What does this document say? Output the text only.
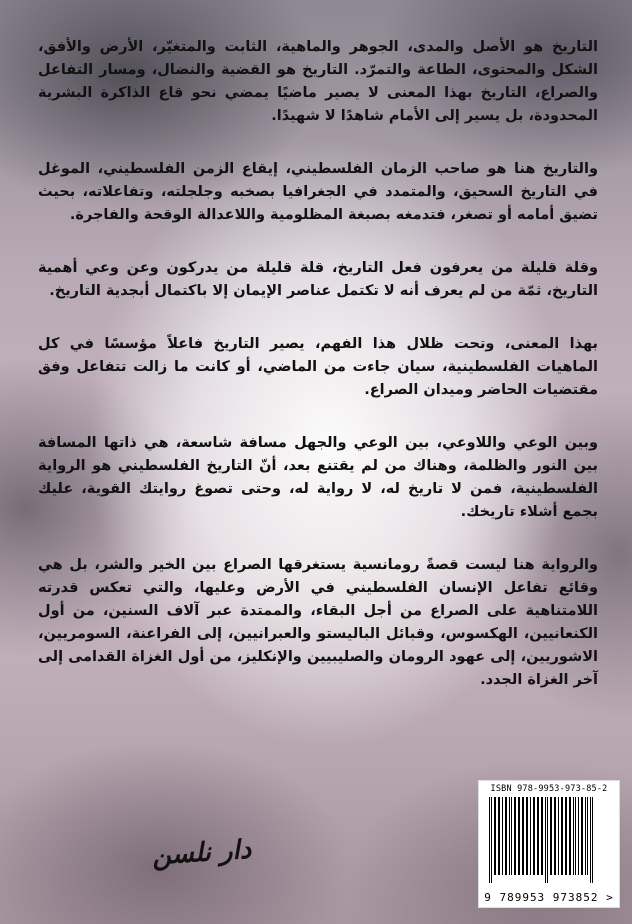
التاريخ هو الأصل والمدى، الجوهر والماهية، الثابت والمتغيّر، الأرض والأفق، الشكل والمحتوى، الطاعة والتمرّد. التاريخ هو القضية والنضال، ومسار التفاعل والصراع، التاريخ بهذا المعنى لا يصير ماضيًا يمضي نحو قاع الذاكرة البشرية المحدودة، بل يسير إلى الأمام شاهدًا لا شهيدًا.

والتاريخ هنا هو صاحب الزمان الفلسطيني، إيقاع الزمن الفلسطيني، الموغل في التاريخ السحيق، والمتمدد في الجغرافيا بصخبه وجلجلته، وتفاعلاته، بحيث تضيق أمامه أو تصغر، فتدمغه بصبغة المظلومية واللاعدالة الوقحة والفاجرة.

وقلة قليلة من يعرفون فعل التاريخ، قلة قليلة من يدركون وعن وعي أهمية التاريخ، ثمّة من لم يعرف أنه لا تكتمل عناصر الإيمان إلا باكتمال أبجدية التاريخ.

بهذا المعنى، وتحت ظلال هذا الفهم، يصير التاريخ فاعلاً مؤسسًا في كل الماهيات الفلسطينية، سيان جاءت من الماضي، أو كانت ما زالت تتفاعل وفق مقتضيات الحاضر وميدان الصراع.

وبين الوعي واللاوعي، بين الوعي والجهل مسافة شاسعة، هي ذاتها المسافة بين النور والظلمة، وهناك من لم يقتنع بعد، أنّ التاريخ الفلسطيني هو الرواية الفلسطينية، فمن لا تاريخ له، لا رواية له، وحتى تصوغ روايتك القوية، عليك بجمع أشلاء تاريخك.

والرواية هنا ليست قصةً رومانسية يستغرقها الصراع بين الخير والشر، بل هي وقائع تفاعل الإنسان الفلسطيني في الأرض وعليها، والتي تعكس قدرته اللامتناهية على الصراع من أجل البقاء، والممتدة عبر آلاف السنين، من أول الكنعانيين، الهكسوس، وقبائل الباليستو والعبرانيين، إلى الفراعنة، السومريين، الاشوريين، إلى عهود الرومان والصليبيين والإنكليز، من أول الغزاة القدامى إلى آخر الغزاة الجدد.

دار نلسن
ISBN 978-9953-973-85-2
9 789953 973852 >
